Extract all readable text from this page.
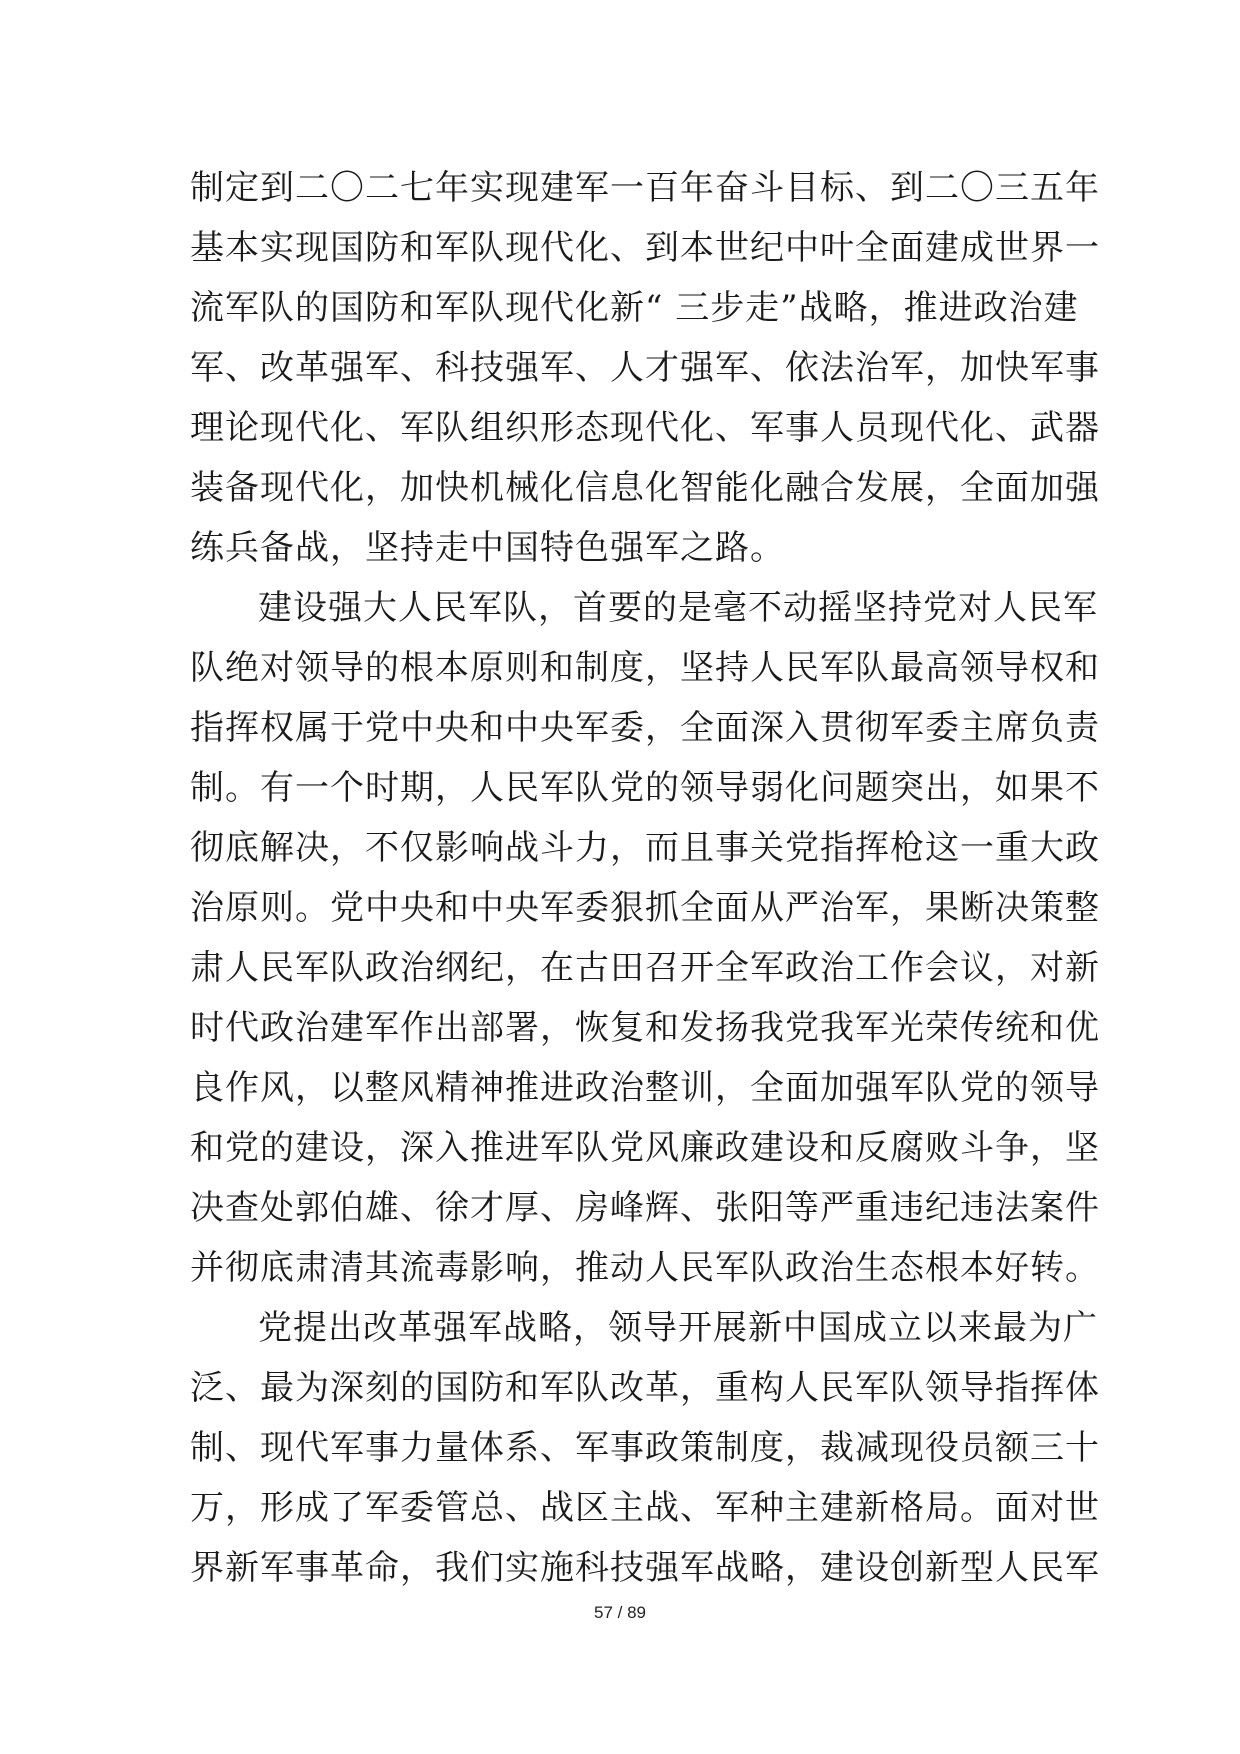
制定到二〇二七年实现建军一百年奋斗目标、到二〇三五年
基本实现国防和军队现代化、到本世纪中叶全面建成世界一
流军队的国防和军队现代化新“ 三步走”战略，推进政治建
军、改革强军、科技强军、人才强军、依法治军，加快军事
理论现代化、军队组织形态现代化、军事人员现代化、武器
装备现代化，加快机械化信息化智能化融合发展，全面加强
练兵备战，坚持走中国特色强军之路。
建设强大人民军队，首要的是毫不动摇坚持党对人民军
队绝对领导的根本原则和制度，坚持人民军队最高领导权和
指挥权属于党中央和中央军委，全面深入贯彻军委主席负责
制。有一个时期，人民军队党的领导弱化问题突出，如果不
彻底解决，不仅影响战斗力，而且事关党指挥枪这一重大政
治原则。党中央和中央军委狠抓全面从严治军，果断决策整
肃人民军队政治纲纪，在古田召开全军政治工作会议，对新
时代政治建军作出部署，恢复和发扬我党我军光荣传统和优
良作风，以整风精神推进政治整训，全面加强军队党的领导
和党的建设，深入推进军队党风廉政建设和反腐败斗争，坚
决查处郭伯雄、徐才厚、房峰辉、张阳等严重违纪违法案件
并彻底肃清其流毒影响，推动人民军队政治生态根本好转。
党提出改革强军战略，领导开展新中国成立以来最为广
泛、最为深刻的国防和军队改革，重构人民军队领导指挥体
制、现代军事力量体系、军事政策制度，裁减现役员额三十
万，形成了军委管总、战区主战、军种主建新格局。面对世
界新军事革命，我们实施科技强军战略，建设创新型人民军
57 / 89
